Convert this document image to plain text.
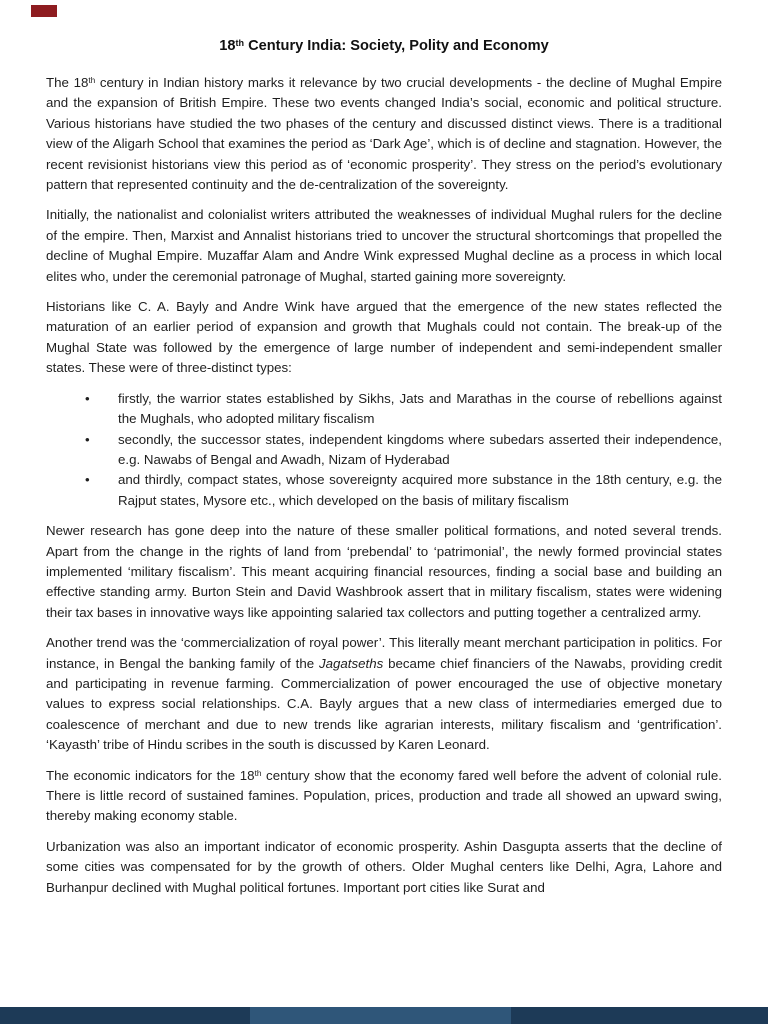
18th Century India: Society, Polity and Economy

The 18th century in Indian history marks it relevance by two crucial developments - the decline of Mughal Empire and the expansion of British Empire. These two events changed India’s social, economic and political structure. Various historians have studied the two phases of the century and discussed distinct views. There is a traditional view of the Aligarh School that examines the period as ‘Dark Age’, which is of decline and stagnation. However, the recent revisionist historians view this period as of ‘economic prosperity’. They stress on the period’s evolutionary pattern that represented continuity and the de-centralization of the sovereignty.

Initially, the nationalist and colonialist writers attributed the weaknesses of individual Mughal rulers for the decline of the empire. Then, Marxist and Annalist historians tried to uncover the structural shortcomings that propelled the decline of Mughal Empire. Muzaffar Alam and Andre Wink expressed Mughal decline as a process in which local elites who, under the ceremonial patronage of Mughal, started gaining more sovereignty.

Historians like C. A. Bayly and Andre Wink have argued that the emergence of the new states reflected the maturation of an earlier period of expansion and growth that Mughals could not contain. The break-up of the Mughal State was followed by the emergence of large number of independent and semi-independent smaller states. These were of three-distinct types:

• firstly, the warrior states established by Sikhs, Jats and Marathas in the course of rebellions against the Mughals, who adopted military fiscalism
• secondly, the successor states, independent kingdoms where subedars asserted their independence, e.g. Nawabs of Bengal and Awadh, Nizam of Hyderabad
• and thirdly, compact states, whose sovereignty acquired more substance in the 18th century, e.g. the Rajput states, Mysore etc., which developed on the basis of military fiscalism

Newer research has gone deep into the nature of these smaller political formations, and noted several trends. Apart from the change in the rights of land from ‘prebendal’ to ‘patrimonial’, the newly formed provincial states implemented ‘military fiscalism’. This meant acquiring financial resources, finding a social base and building an effective standing army. Burton Stein and David Washbrook assert that in military fiscalism, states were widening their tax bases in innovative ways like appointing salaried tax collectors and putting together a centralized army.

Another trend was the ‘commercialization of royal power’. This literally meant merchant participation in politics. For instance, in Bengal the banking family of the Jagatseths became chief financiers of the Nawabs, providing credit and participating in revenue farming. Commercialization of power encouraged the use of objective monetary values to express social relationships. C.A. Bayly argues that a new class of intermediaries emerged due to coalescence of merchant and due to new trends like agrarian interests, military fiscalism and ‘gentrification’. ‘Kayasth’ tribe of Hindu scribes in the south is discussed by Karen Leonard.

The economic indicators for the 18th century show that the economy fared well before the advent of colonial rule. There is little record of sustained famines. Population, prices, production and trade all showed an upward swing, thereby making economy stable.

Urbanization was also an important indicator of economic prosperity. Ashin Dasgupta asserts that the decline of some cities was compensated for by the growth of others. Older Mughal centers like Delhi, Agra, Lahore and Burhanpur declined with Mughal political fortunes. Important port cities like Surat and
